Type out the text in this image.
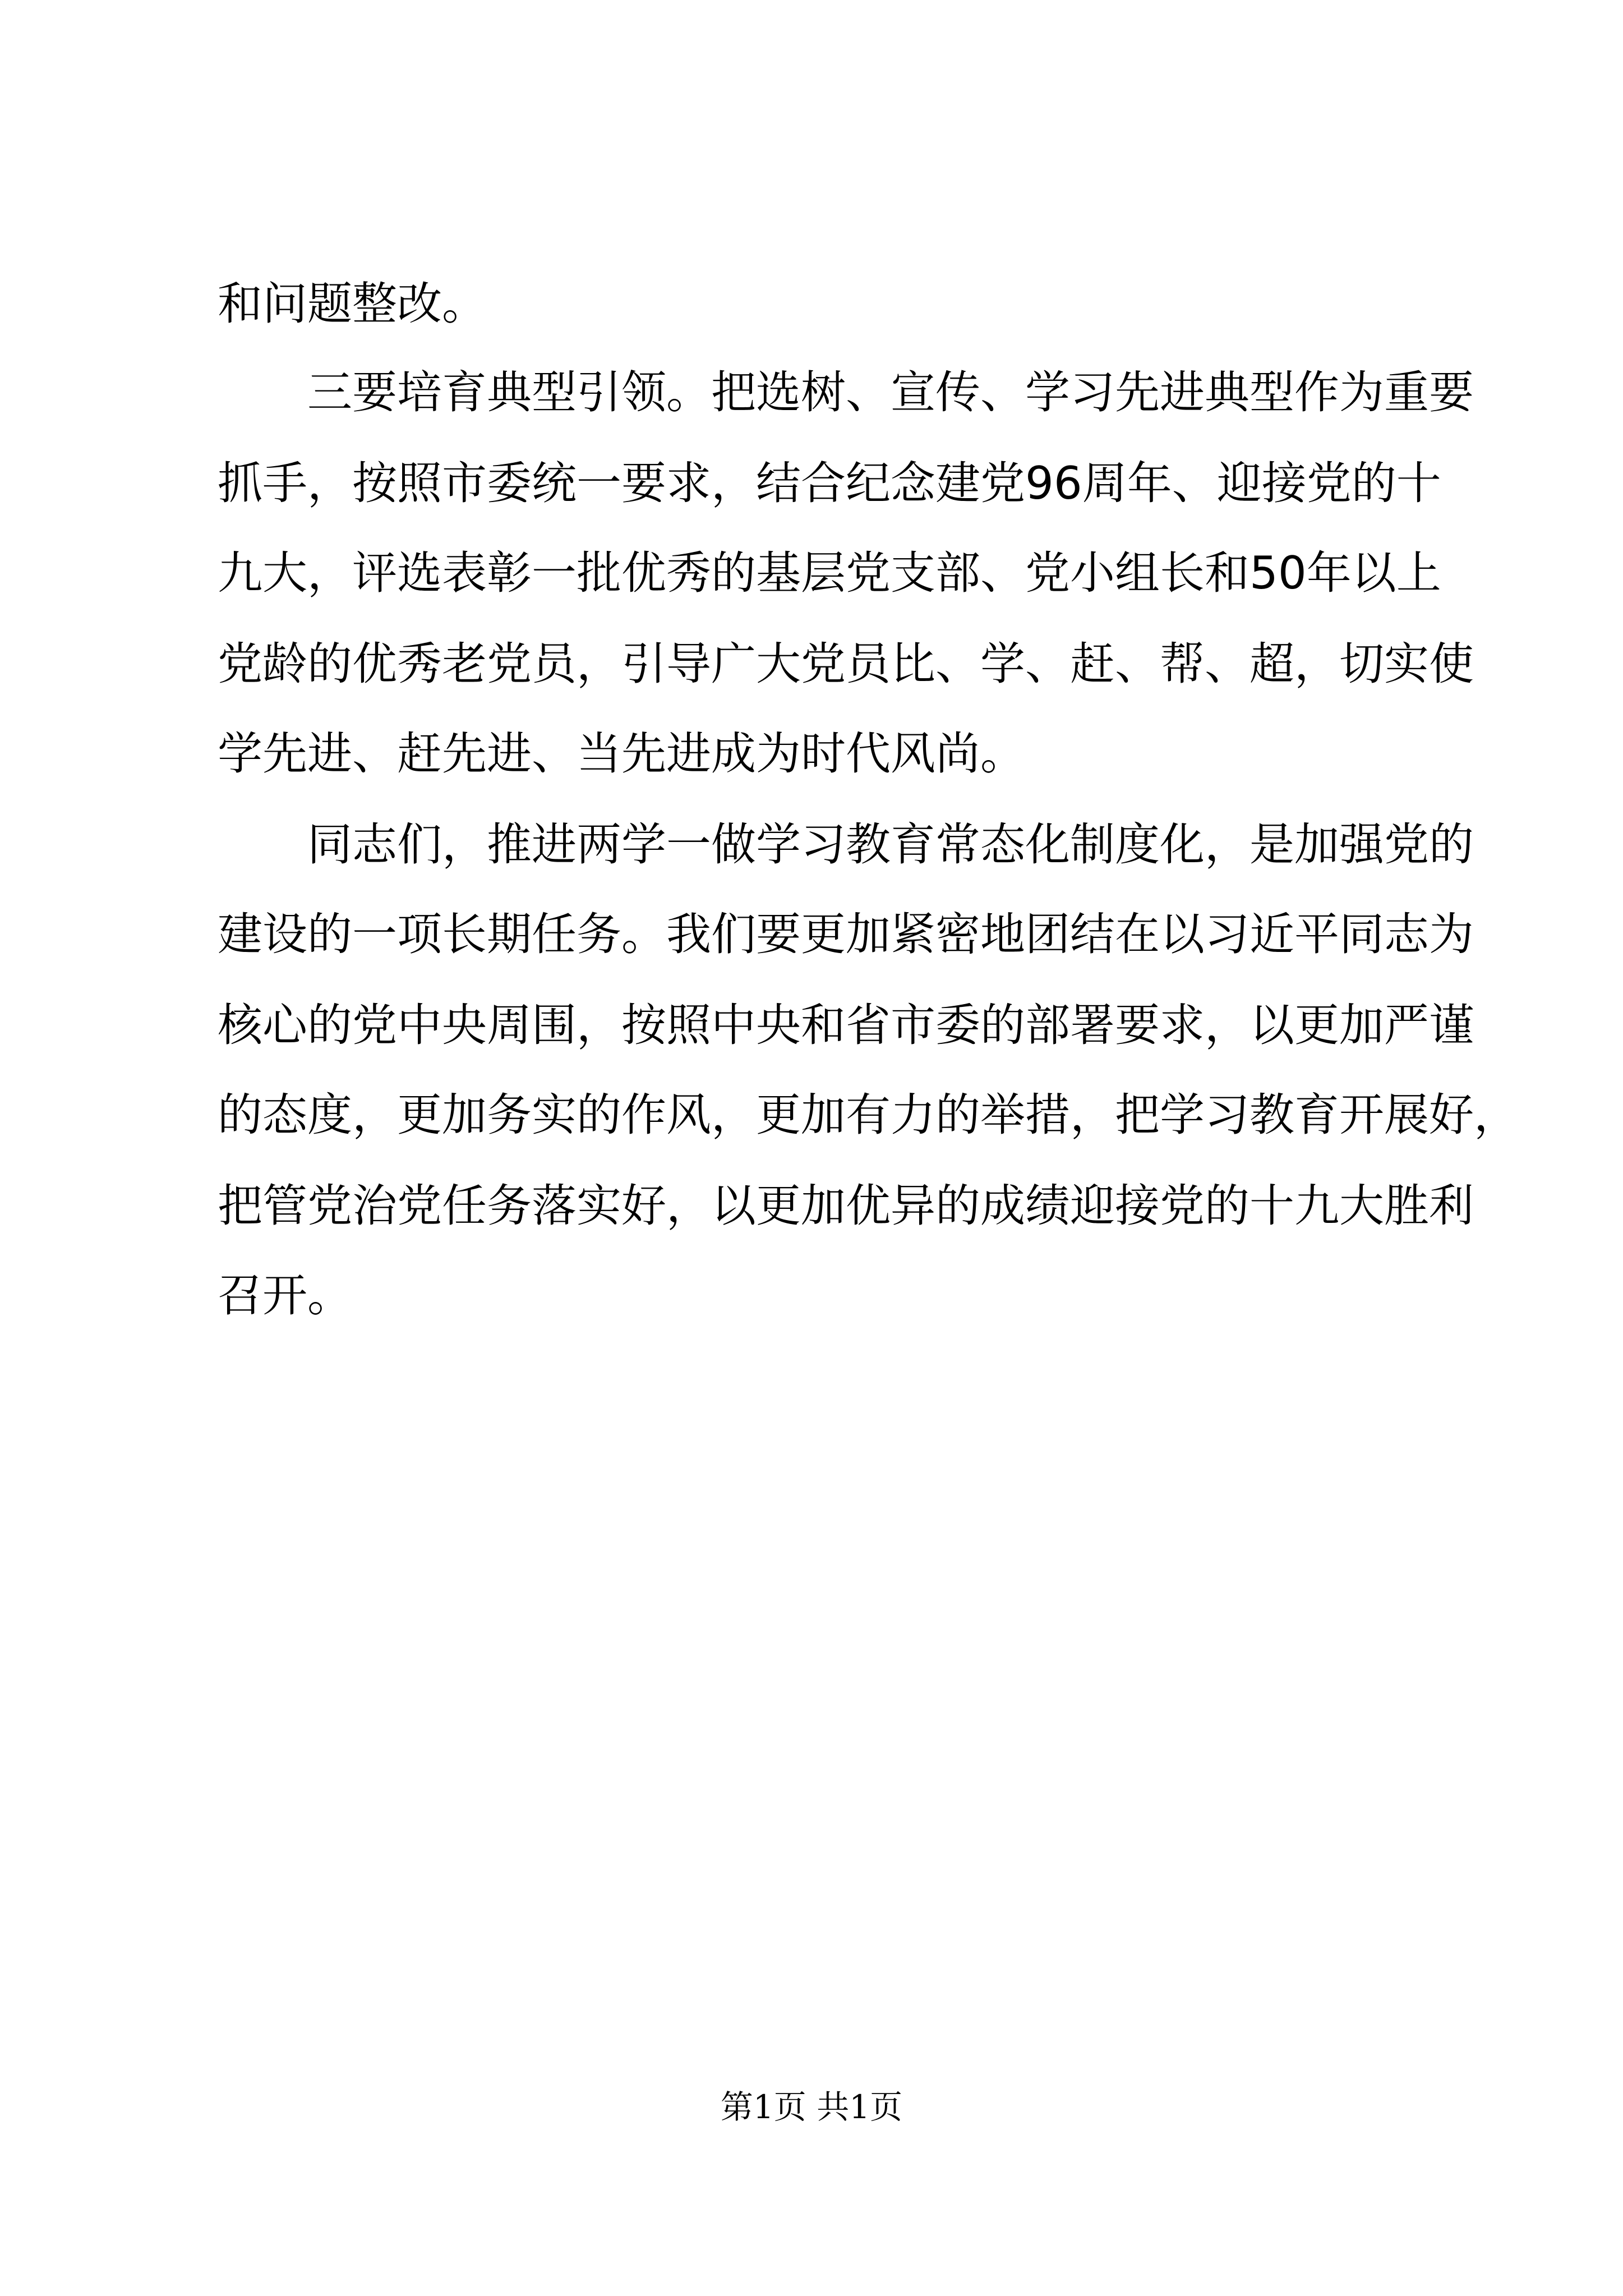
和问题整改。
三要培育典型引领。把选树、宣传、学习先进典型作为重要
抓手，按照市委统一要求，结合纪念建党96周年、迎接党的十
九大，评选表彰一批优秀的基层党支部、党小组长和50年以上
党龄的优秀老党员，引导广大党员比、学、赶、帮、超，切实使
学先进、赶先进、当先进成为时代风尚。
同志们，推进两学一做学习教育常态化制度化，是加强党的
建设的一项长期任务。我们要更加紧密地团结在以习近平同志为
核心的党中央周围，按照中央和省市委的部署要求，以更加严谨
的态度，更加务实的作风，更加有力的举措，把学习教育开展好，
把管党治党任务落实好，以更加优异的成绩迎接党的十九大胜利
召开。
第1页 共1页
